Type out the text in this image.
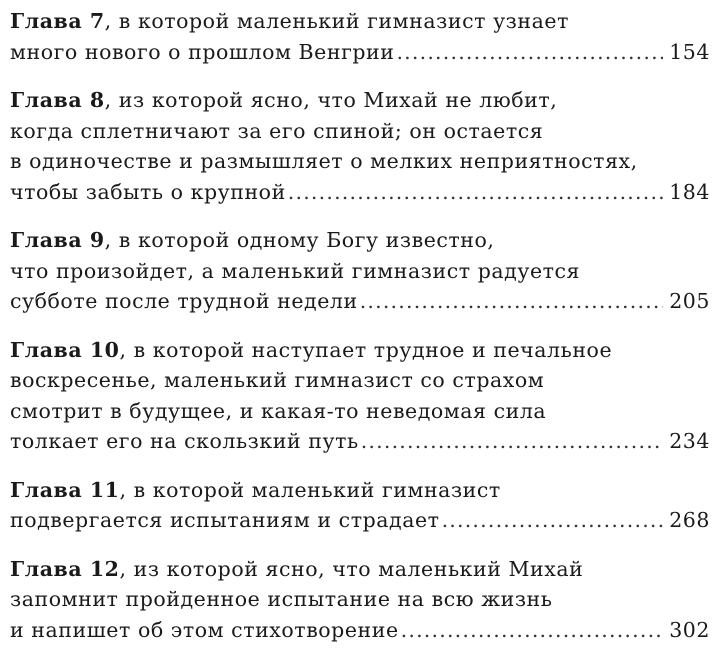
Глава 7, в которой маленький гимназист узнает
много нового о прошлом Венгрии .....	154
Глава 8, из которой ясно, что Михай не любит,
когда сплетничают за его спиной; он остается
в одиночестве и размышляет о мелких неприятностях,
чтобы забыть о крупной .....	184
Глава 9, в которой одному Богу известно,
что произойдет, а маленький гимназист радуется
субботе после трудной недели .....	205
Глава 10, в которой наступает трудное и печальное
воскресенье, маленький гимназист со страхом
смотрит в будущее, и какая-то неведомая сила
толкает его на скользкий путь .....	234
Глава 11, в которой маленький гимназист
подвергается испытаниям и страдает .....	268
Глава 12, из которой ясно, что маленький Михай
запомнит пройденное испытание на всю жизнь
и напишет об этом стихотворение .....	302
